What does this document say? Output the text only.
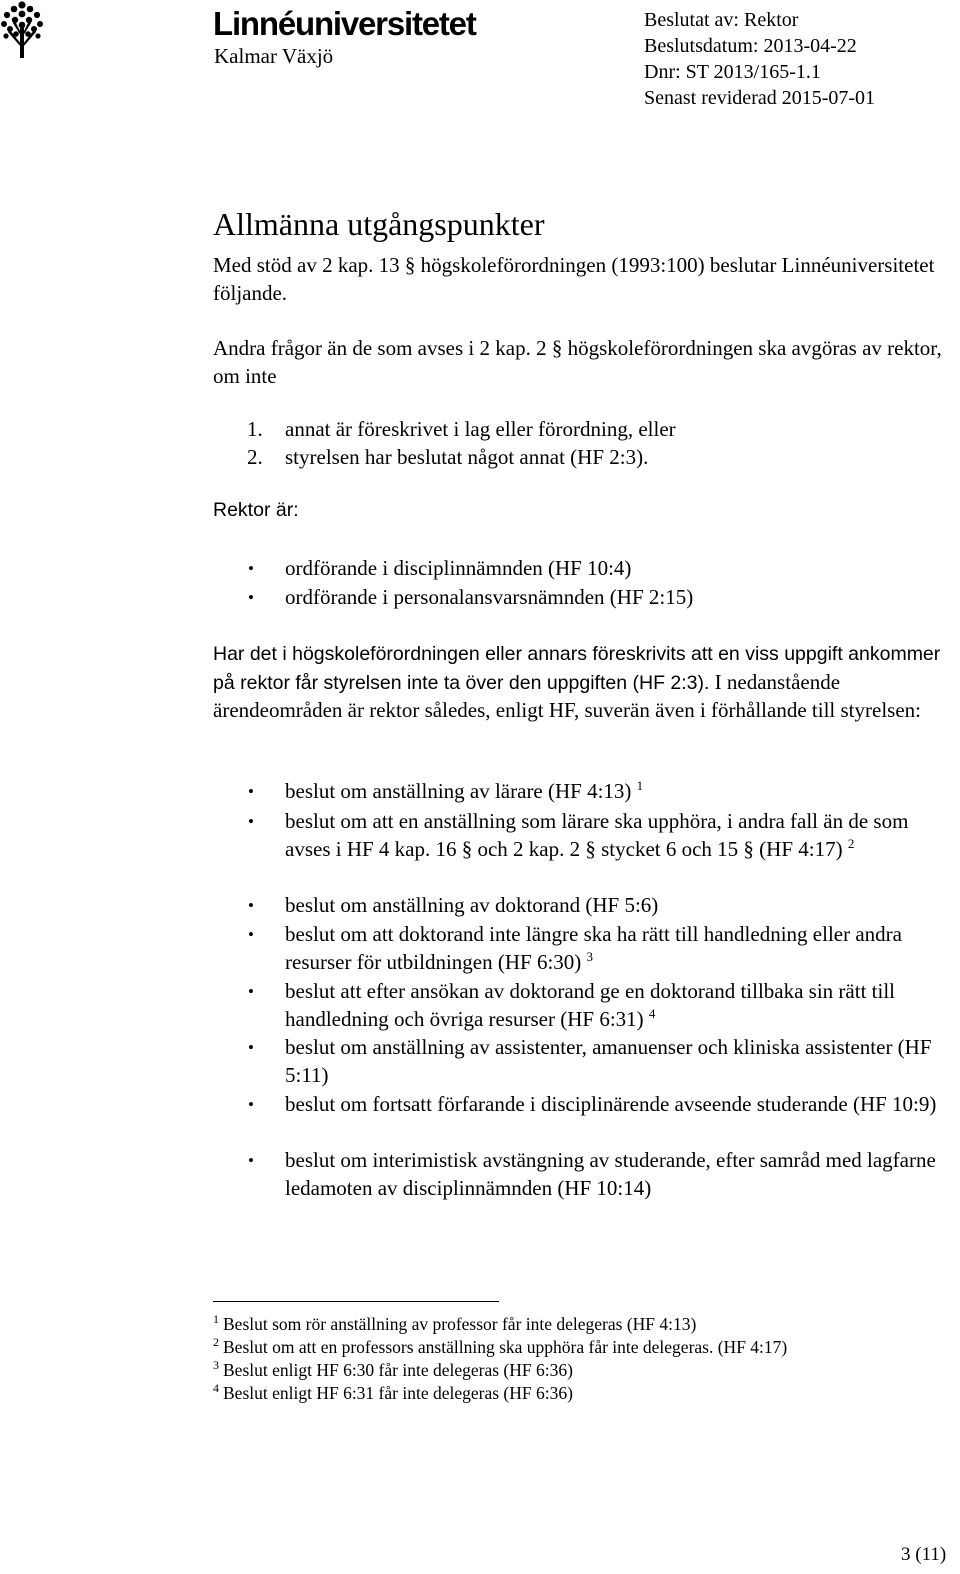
Linnéuniversitetet
Kalmar Växjö
Beslutat av: Rektor
Beslutsdatum: 2013-04-22
Dnr: ST 2013/165-1.1
Senast reviderad 2015-07-01
Allmänna utgångspunkter
Med stöd av 2 kap. 13 § högskoleförordningen (1993:100) beslutar Linnéuniversitetet följande.
Andra frågor än de som avses i 2 kap. 2 § högskoleförordningen ska avgöras av rektor, om inte
1. annat är föreskrivet i lag eller förordning, eller
2. styrelsen har beslutat något annat (HF 2:3).
Rektor är:
• ordförande i disciplinnämnden (HF 10:4)
• ordförande i personalansvarsnämnden (HF 2:15)
Har det i högskoleförordningen eller annars föreskrivits att en viss uppgift ankommer på rektor får styrelsen inte ta över den uppgiften (HF 2:3). I nedanstående ärendeområden är rektor således, enligt HF, suverän även i förhållande till styrelsen:
• beslut om anställning av lärare (HF 4:13) $^1$
• beslut om att en anställning som lärare ska upphöra, i andra fall än de som avses i HF 4 kap. 16 § och 2 kap. 2 § stycket 6 och 15 § (HF 4:17) $^2$
• beslut om anställning av doktorand (HF 5:6)
• beslut om att doktorand inte längre ska ha rätt till handledning eller andra resurser för utbildningen (HF 6:30) $^3$
• beslut att efter ansökan av doktorand ge en doktorand tillbaka sin rätt till handledning och övriga resurser (HF 6:31) $^4$
• beslut om anställning av assistenter, amanuenser och kliniska assistenter (HF 5:11)
• beslut om fortsatt förfarande i disciplinärende avseende studerande (HF 10:9)
• beslut om interimistisk avstängning av studerande, efter samråd med lagfarne ledamoten av disciplinnämnden (HF 10:14)
$^1$ Beslut som rör anställning av professor får inte delegeras (HF 4:13)
$^2$ Beslut om att en professors anställning ska upphöra får inte delegeras. (HF 4:17)
$^3$ Beslut enligt HF 6:30 får inte delegeras (HF 6:36)
$^4$ Beslut enligt HF 6:31 får inte delegeras (HF 6:36)
3 (11)
